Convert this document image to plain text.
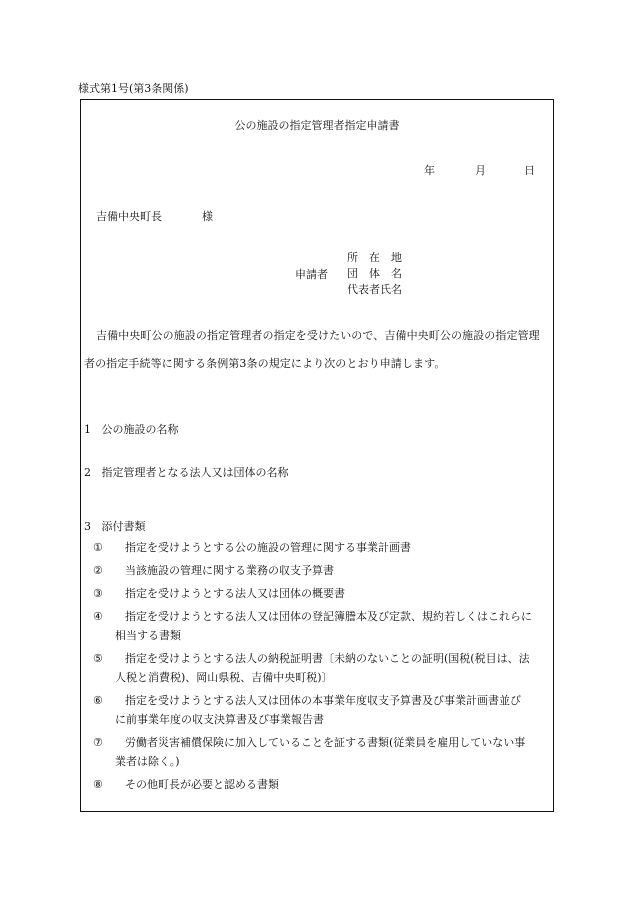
様式第1号(第3条関係)
公の施設の指定管理者指定申請書
年	月	日
吉備中央町長	様
申請者
所　在　地
団　体　名
代表者氏名
吉備中央町公の施設の指定管理者の指定を受けたいので、吉備中央町公の施設の指定管理者の指定手続等に関する条例第3条の規定により次のとおり申請します。
1 公の施設の名称
2 指定管理者となる法人又は団体の名称
3 添付書類
①	指定を受けようとする公の施設の管理に関する事業計画書
②	当該施設の管理に関する業務の収支予算書
③	指定を受けようとする法人又は団体の概要書
④	指定を受けようとする法人又は団体の登記簿謄本及び定款、規約若しくはこれらに
相当する書類
⑤	指定を受けようとする法人の納税証明書〔未納のないことの証明(国税(税目は、法
人税と消費税)、岡山県税、吉備中央町税)〕
⑥	指定を受けようとする法人又は団体の本事業年度収支予算書及び事業計画書並び
に前事業年度の収支決算書及び事業報告書
⑦	労働者災害補償保険に加入していることを証する書類(従業員を雇用していない事
業者は除く。)
⑧	その他町長が必要と認める書類
